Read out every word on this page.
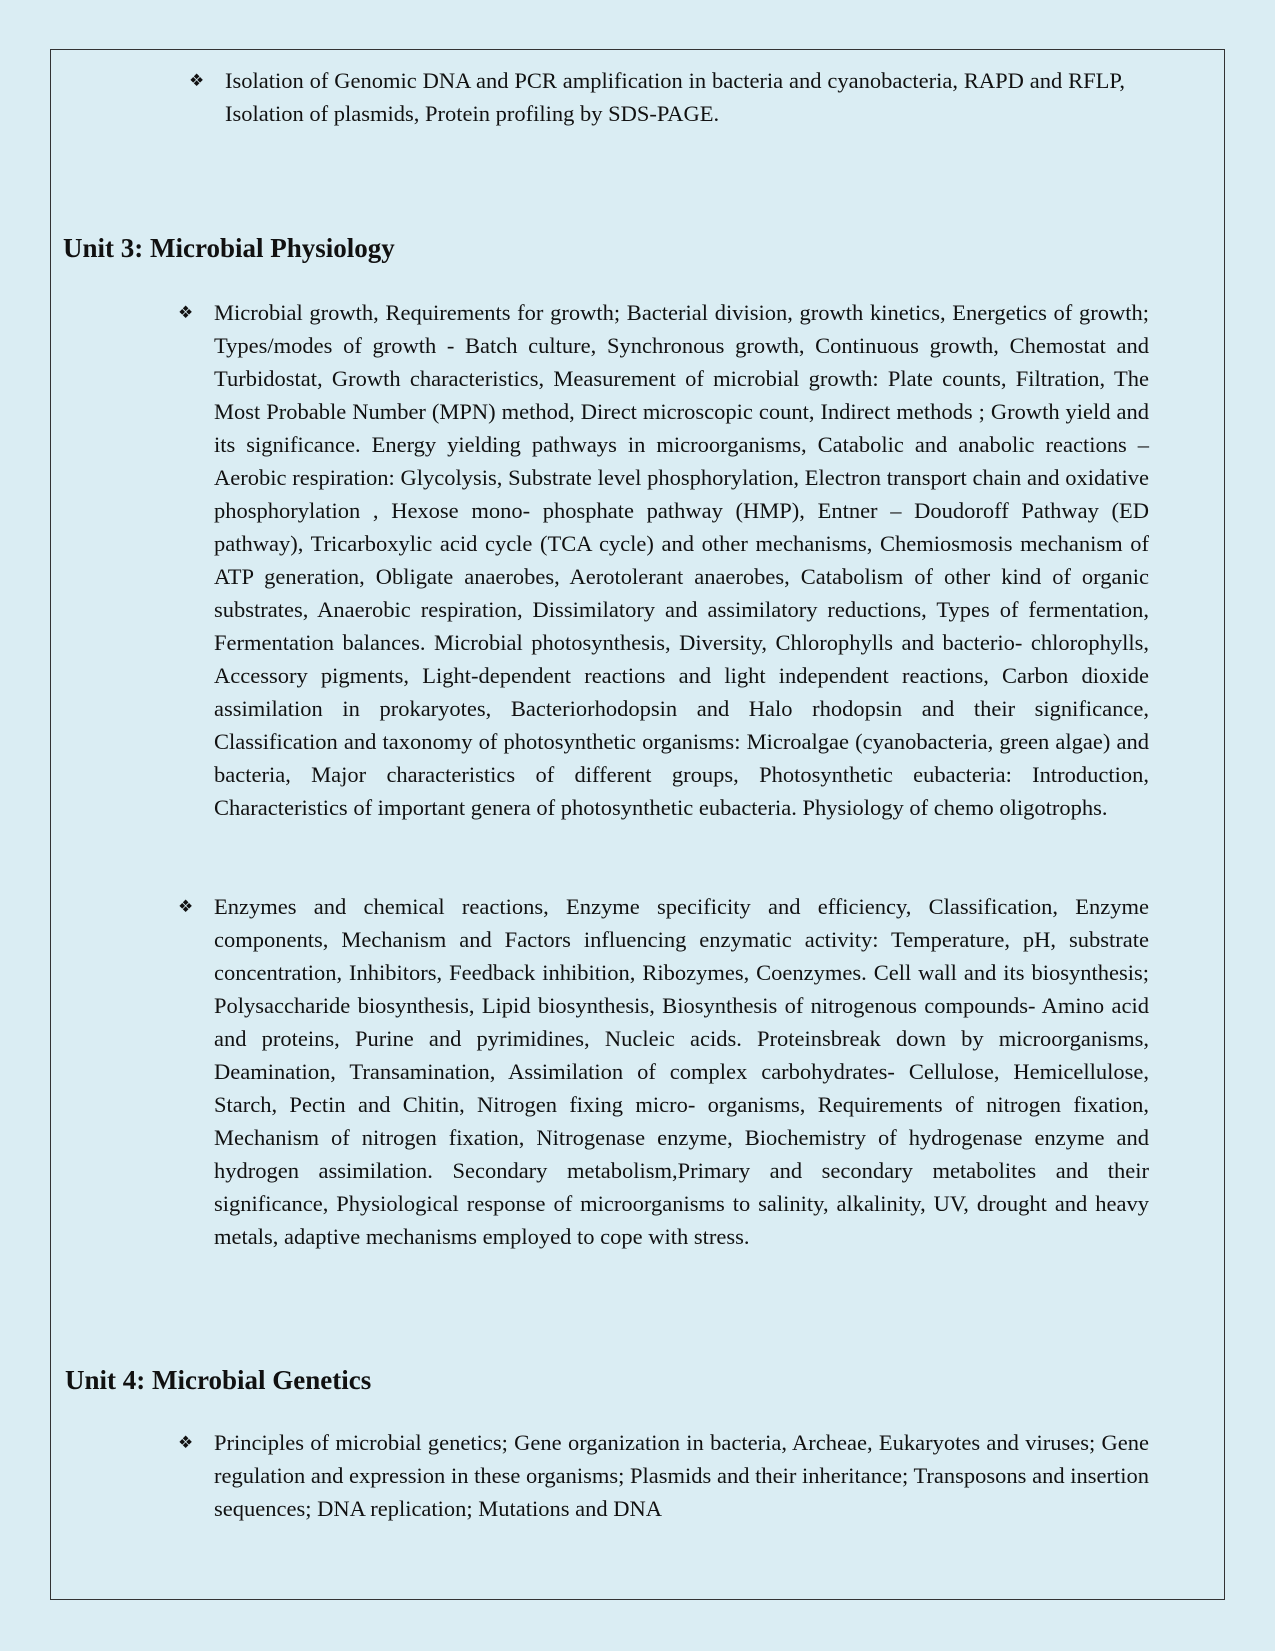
❖ Isolation of Genomic DNA and PCR amplification in bacteria and cyanobacteria, RAPD and RFLP, Isolation of plasmids, Protein profiling by SDS-PAGE.
Unit 3: Microbial Physiology
❖ Microbial growth, Requirements for growth; Bacterial division, growth kinetics, Energetics of growth; Types/modes of growth - Batch culture, Synchronous growth, Continuous growth, Chemostat and Turbidostat, Growth characteristics, Measurement of microbial growth: Plate counts, Filtration, The Most Probable Number (MPN) method, Direct microscopic count, Indirect methods ; Growth yield and its significance. Energy yielding pathways in microorganisms, Catabolic and anabolic reactions – Aerobic respiration: Glycolysis, Substrate level phosphorylation, Electron transport chain and oxidative phosphorylation , Hexose mono- phosphate pathway (HMP), Entner – Doudoroff Pathway (ED pathway), Tricarboxylic acid cycle (TCA cycle) and other mechanisms, Chemiosmosis mechanism of ATP generation, Obligate anaerobes, Aerotolerant anaerobes, Catabolism of other kind of organic substrates, Anaerobic respiration, Dissimilatory and assimilatory reductions, Types of fermentation, Fermentation balances. Microbial photosynthesis, Diversity, Chlorophylls and bacterio- chlorophylls, Accessory pigments, Light-dependent reactions and light independent reactions, Carbon dioxide assimilation in prokaryotes, Bacteriorhodopsin and Halo rhodopsin and their significance, Classification and taxonomy of photosynthetic organisms: Microalgae (cyanobacteria, green algae) and bacteria, Major characteristics of different groups, Photosynthetic eubacteria: Introduction, Characteristics of important genera of photosynthetic eubacteria. Physiology of chemo oligotrophs.
❖ Enzymes and chemical reactions, Enzyme specificity and efficiency, Classification, Enzyme components, Mechanism and Factors influencing enzymatic activity: Temperature, pH, substrate concentration, Inhibitors, Feedback inhibition, Ribozymes, Coenzymes. Cell wall and its biosynthesis; Polysaccharide biosynthesis, Lipid biosynthesis, Biosynthesis of nitrogenous compounds- Amino acid and proteins, Purine and pyrimidines, Nucleic acids. Proteinsbreak down by microorganisms, Deamination, Transamination, Assimilation of complex carbohydrates- Cellulose, Hemicellulose, Starch, Pectin and Chitin, Nitrogen fixing micro- organisms, Requirements of nitrogen fixation, Mechanism of nitrogen fixation, Nitrogenase enzyme, Biochemistry of hydrogenase enzyme and hydrogen assimilation. Secondary metabolism,Primary and secondary metabolites and their significance, Physiological response of microorganisms to salinity, alkalinity, UV, drought and heavy metals, adaptive mechanisms employed to cope with stress.
Unit 4: Microbial Genetics
❖ Principles of microbial genetics; Gene organization in bacteria, Archeae, Eukaryotes and viruses; Gene regulation and expression in these organisms; Plasmids and their inheritance; Transposons and insertion sequences; DNA replication; Mutations and DNA
